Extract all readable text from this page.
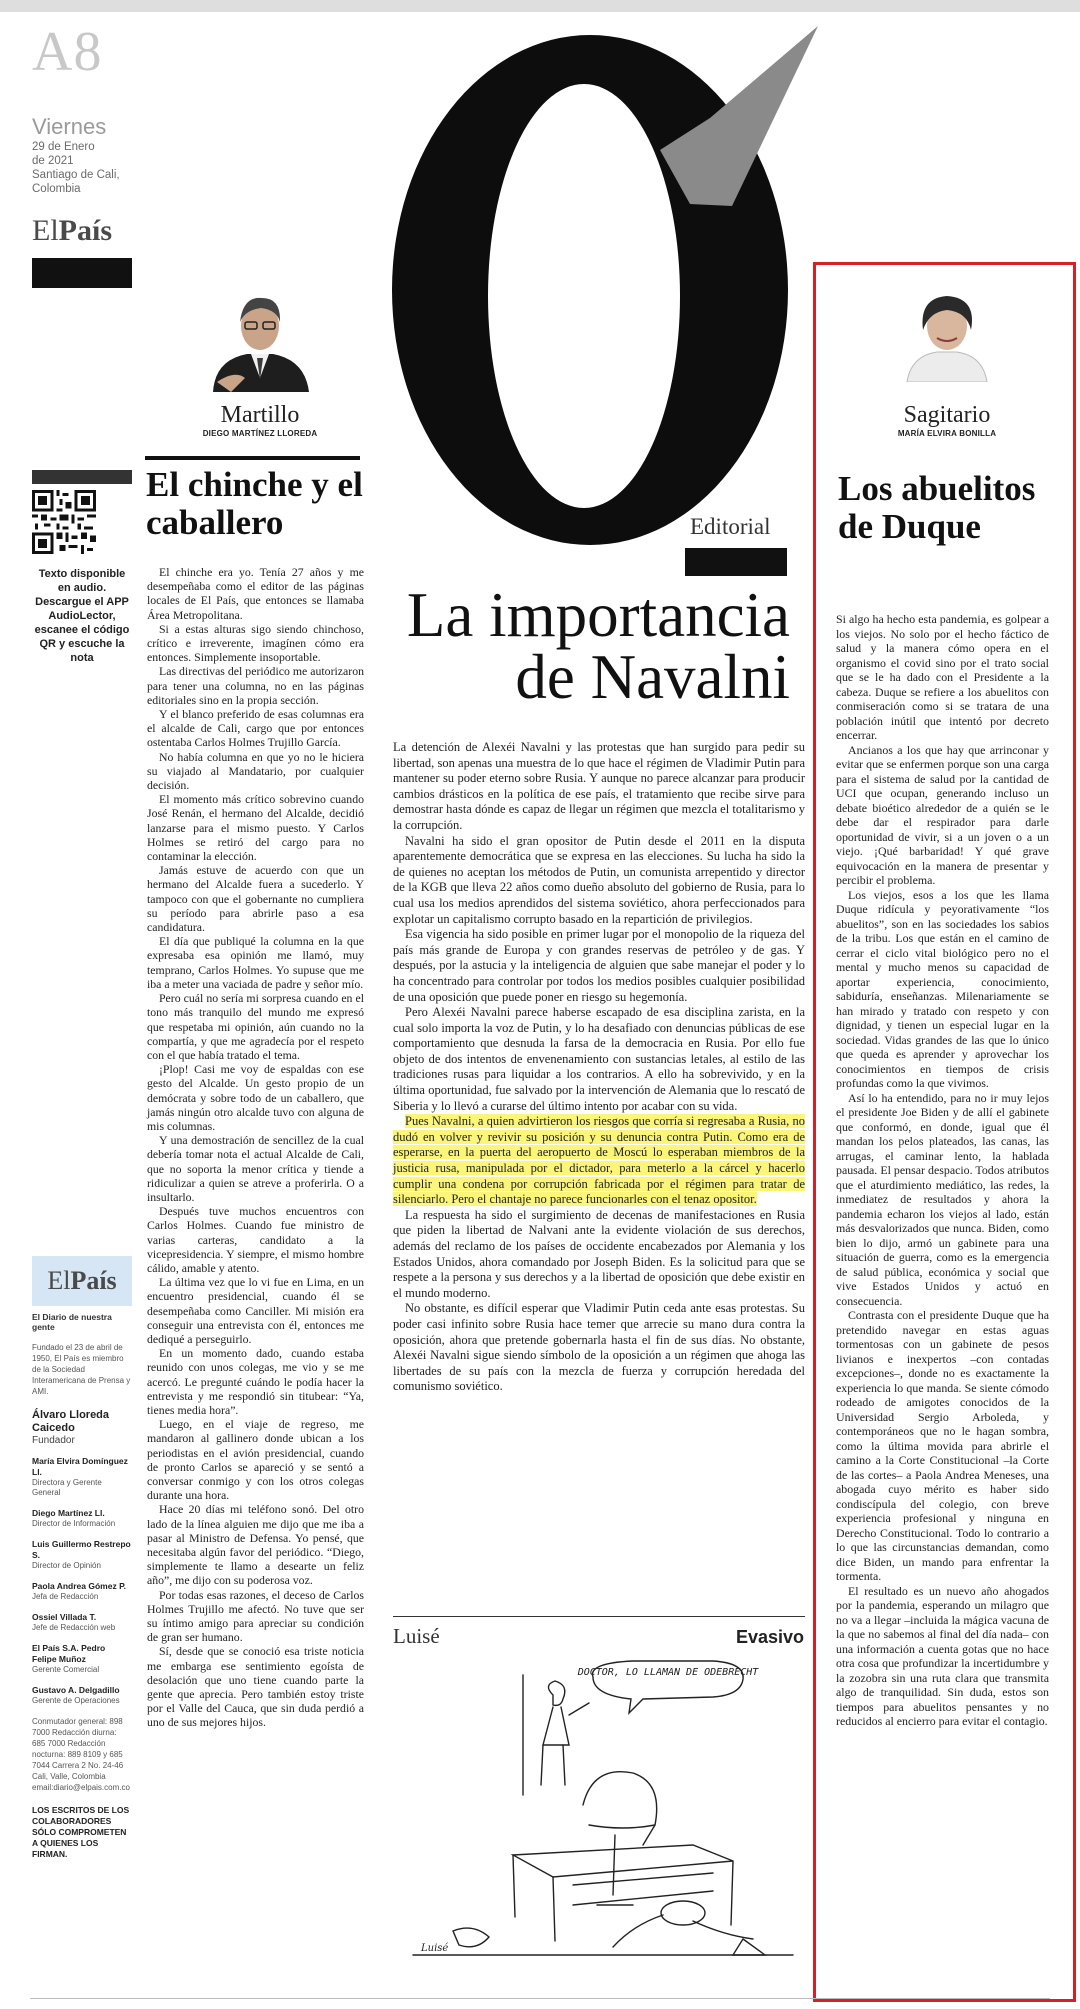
A8
Viernes
29 de Enero
de 2021
Santiago de Cali,
Colombia
ElPaís
Texto disponible en audio. Descargue el APP AudioLector, escanee el código QR y escuche la nota
El País
El Diario de nuestra gente
Fundado el 23 de abril de 1950, El País es miembro de la Sociedad Interamericana de Prensa y AMI.
Álvaro Lloreda Caicedo
Fundador
María Elvira Domínguez Ll.
Directora y Gerente General
Diego Martínez Ll.
Director de Información
Luis Guillermo Restrepo S.
Director de Opinión
Paola Andrea Gómez P.
Jefa de Redacción
Ossiel Villada T.
Jefe de Redacción web
El País S.A. Pedro Felipe Muñoz
Gerente Comercial
Gustavo A. Delgadillo
Gerente de Operaciones
Conmutador general: 898 7000 Redacción diurna: 685 7000 Redacción nocturna: 889 8109 y 685 7044 Carrera 2 No. 24-46 Cali, Valle, Colombia email:diario@elpais.com.co
LOS ESCRITOS DE LOS COLABORADORES SÓLO COMPROMETEN A QUIENES LOS FIRMAN.
Martillo
DIEGO MARTÍNEZ LLOREDA
El chinche y el caballero

El chinche era yo. Tenía 27 años y me desempeñaba como el editor de las páginas locales de El País, que entonces se llamaba Área Metropolitana.

Si a estas alturas sigo siendo chinchoso, crítico e irreverente, imagínen cómo era entonces. Simplemente insoportable.

Las directivas del periódico me autorizaron para tener una columna, no en las páginas editoriales sino en la propia sección.

Y el blanco preferido de esas columnas era el alcalde de Cali, cargo que por entonces ostentaba Carlos Holmes Trujillo García.

No había columna en que yo no le hiciera su viajado al Mandatario, por cualquier decisión.

El momento más crítico sobrevino cuando José Renán, el hermano del Alcalde, decidió lanzarse para el mismo puesto. Y Carlos Holmes se retiró del cargo para no contaminar la elección.

Jamás estuve de acuerdo con que un hermano del Alcalde fuera a sucederlo. Y tampoco con que el gobernante no cumpliera su período para abrirle paso a esa candidatura.

El día que publiqué la columna en la que expresaba esa opinión me llamó, muy temprano, Carlos Holmes. Yo supuse que me iba a meter una vaciada de padre y señor mío.

Pero cuál no sería mi sorpresa cuando en el tono más tranquilo del mundo me expresó que respetaba mi opinión, aún cuando no la compartía, y que me agradecía por el respeto con el que había tratado el tema.

¡Plop! Casi me voy de espaldas con ese gesto del Alcalde. Un gesto propio de un demócrata y sobre todo de un caballero, que jamás ningún otro alcalde tuvo con alguna de mis columnas.

Y una demostración de sencillez de la cual debería tomar nota el actual Alcalde de Cali, que no soporta la menor crítica y tiende a ridiculizar a quien se atreve a proferirla. O a insultarlo.

Después tuve muchos encuentros con Carlos Holmes. Cuando fue ministro de varias carteras, candidato a la vicepresidencia. Y siempre, el mismo hombre cálido, amable y atento.

La última vez que lo vi fue en Lima, en un encuentro presidencial, cuando él se desempeñaba como Canciller. Mi misión era conseguir una entrevista con él, entonces me dediqué a perseguirlo.

En un momento dado, cuando estaba reunido con unos colegas, me vio y se me acercó. Le pregunté cuándo le podía hacer la entrevista y me respondió sin titubear: “Ya, tienes media hora”.

Luego, en el viaje de regreso, me mandaron al gallinero donde ubican a los periodistas en el avión presidencial, cuando de pronto Carlos se apareció y se sentó a conversar conmigo y con los otros colegas durante una hora.

Hace 20 días mi teléfono sonó. Del otro lado de la línea alguien me dijo que me iba a pasar al Ministro de Defensa. Yo pensé, que necesitaba algún favor del periódico. “Diego, simplemente te llamo a desearte un feliz año”, me dijo con su poderosa voz.

Por todas esas razones, el deceso de Carlos Holmes Trujillo me afectó. No tuve que ser su íntimo amigo para apreciar su condición de gran ser humano.

Sí, desde que se conoció esa triste noticia me embarga ese sentimiento egoísta de desolación que uno tiene cuando parte la gente que aprecia. Pero también estoy triste por el Valle del Cauca, que sin duda perdió a uno de sus mejores hijos.

Editorial
La importancia
de Navalni

La detención de Alexéi Navalni y las protestas que han surgido para pedir su libertad, son apenas una muestra de lo que hace el régimen de Vladimir Putin para mantener su poder eterno sobre Rusia. Y aunque no parece alcanzar para producir cambios drásticos en la política de ese país, el tratamiento que recibe sirve para demostrar hasta dónde es capaz de llegar un régimen que mezcla el totalitarismo y la corrupción.

Navalni ha sido el gran opositor de Putin desde el 2011 en la disputa aparentemente democrática que se expresa en las elecciones. Su lucha ha sido la de quienes no aceptan los métodos de Putin, un comunista arrepentido y director de la KGB que lleva 22 años como dueño absoluto del gobierno de Rusia, para lo cual usa los medios aprendidos del sistema soviético, ahora perfeccionados para explotar un capitalismo corrupto basado en la repartición de privilegios.

Esa vigencia ha sido posible en primer lugar por el monopolio de la riqueza del país más grande de Europa y con grandes reservas de petróleo y de gas. Y después, por la astucia y la inteligencia de alguien que sabe manejar el poder y lo ha concentrado para controlar por todos los medios posibles cualquier posibilidad de una oposición que puede poner en riesgo su hegemonía.

Pero Alexéi Navalni parece haberse escapado de esa disciplina zarista, en la cual solo importa la voz de Putin, y lo ha desafiado con denuncias públicas de ese comportamiento que desnuda la farsa de la democracia en Rusia. Por ello fue objeto de dos intentos de envenenamiento con sustancias letales, al estilo de las tradiciones rusas para liquidar a los contrarios. A ello ha sobrevivido, y en la última oportunidad, fue salvado por la intervención de Alemania que lo rescató de Siberia y lo llevó a curarse del último intento por acabar con su vida.

Pues Navalni, a quien advirtieron los riesgos que corría si regresaba a Rusia, no dudó en volver y revivir su posición y su denuncia contra Putin. Como era de esperarse, en la puerta del aeropuerto de Moscú lo esperaban miembros de la justicia rusa, manipulada por el dictador, para meterlo a la cárcel y hacerlo cumplir una condena por corrupción fabricada por el régimen para tratar de silenciarlo. Pero el chantaje no parece funcionarles con el tenaz opositor.

La respuesta ha sido el surgimiento de decenas de manifestaciones en Rusia que piden la libertad de Nalvani ante la evidente violación de sus derechos, además del reclamo de los países de occidente encabezados por Alemania y los Estados Unidos, ahora comandado por Joseph Biden. Es la solicitud para que se respete a la persona y sus derechos y a la libertad de oposición que debe existir en el mundo moderno.

No obstante, es difícil esperar que Vladimir Putin ceda ante esas protestas. Su poder casi infinito sobre Rusia hace temer que arrecie su mano dura contra la oposición, ahora que pretende gobernarla hasta el fin de sus días. No obstante, Alexéi Navalni sigue siendo símbolo de la oposición a un régimen que ahoga las libertades de su país con la mezcla de fuerza y corrupción heredada del comunismo soviético.

Luisé	Evasivo
DOCTOR, LO LLAMAN DE ODEBRECHT
Luisé
Sagitario
MARÍA ELVIRA BONILLA
Los abuelitos de Duque

Si algo ha hecho esta pandemia, es golpear a los viejos. No solo por el hecho fáctico de salud y la manera cómo opera en el organismo el covid sino por el trato social que se le ha dado con el Presidente a la cabeza. Duque se refiere a los abuelitos con conmiseración como si se tratara de una población inútil que intentó por decreto encerrar.

Ancianos a los que hay que arrinconar y evitar que se enfermen porque son una carga para el sistema de salud por la cantidad de UCI que ocupan, generando incluso un debate bioético alrededor de a quién se le debe dar el respirador para darle oportunidad de vivir, si a un joven o a un viejo. ¡Qué barbaridad! Y qué grave equivocación en la manera de presentar y percibir el problema.

Los viejos, esos a los que les llama Duque ridícula y peyorativamente “los abuelitos”, son en las sociedades los sabios de la tribu. Los que están en el camino de cerrar el ciclo vital biológico pero no el mental y mucho menos su capacidad de aportar experiencia, conocimiento, sabiduría, enseñanzas. Milenariamente se han mirado y tratado con respeto y con dignidad, y tienen un especial lugar en la sociedad. Vidas grandes de las que lo único que queda es aprender y aprovechar los conocimientos en tiempos de crisis profundas como la que vivimos.

Así lo ha entendido, para no ir muy lejos el presidente Joe Biden y de allí el gabinete que conformó, en donde, igual que él mandan los pelos plateados, las canas, las arrugas, el caminar lento, la hablada pausada. El pensar despacio. Todos atributos que el aturdimiento mediático, las redes, la inmediatez de resultados y ahora la pandemia echaron los viejos al lado, están más desvalorizados que nunca. Biden, como bien lo dijo, armó un gabinete para una situación de guerra, como es la emergencia de salud pública, económica y social que vive Estados Unidos y actuó en consecuencia.

Contrasta con el presidente Duque que ha pretendido navegar en estas aguas tormentosas con un gabinete de pesos livianos e inexpertos –con contadas excepciones–, donde no es exactamente la experiencia lo que manda. Se siente cómodo rodeado de amigotes conocidos de la Universidad Sergio Arboleda, y contemporáneos que no le hagan sombra, como la última movida para abrirle el camino a la Corte Constitucional –la Corte de las cortes– a Paola Andrea Meneses, una abogada cuyo mérito es haber sido condiscípula del colegio, con breve experiencia profesional y ninguna en Derecho Constitucional. Todo lo contrario a lo que las circunstancias demandan, como dice Biden, un mando para enfrentar la tormenta.

El resultado es un nuevo año ahogados por la pandemia, esperando un milagro que no va a llegar –incluida la mágica vacuna de la que no sabemos al final del día nada– con una información a cuenta gotas que no hace otra cosa que profundizar la incertidumbre y la zozobra sin una ruta clara que transmita algo de tranquilidad. Sin duda, estos son tiempos para abuelitos pensantes y no reducidos al encierro para evitar el contagio.
